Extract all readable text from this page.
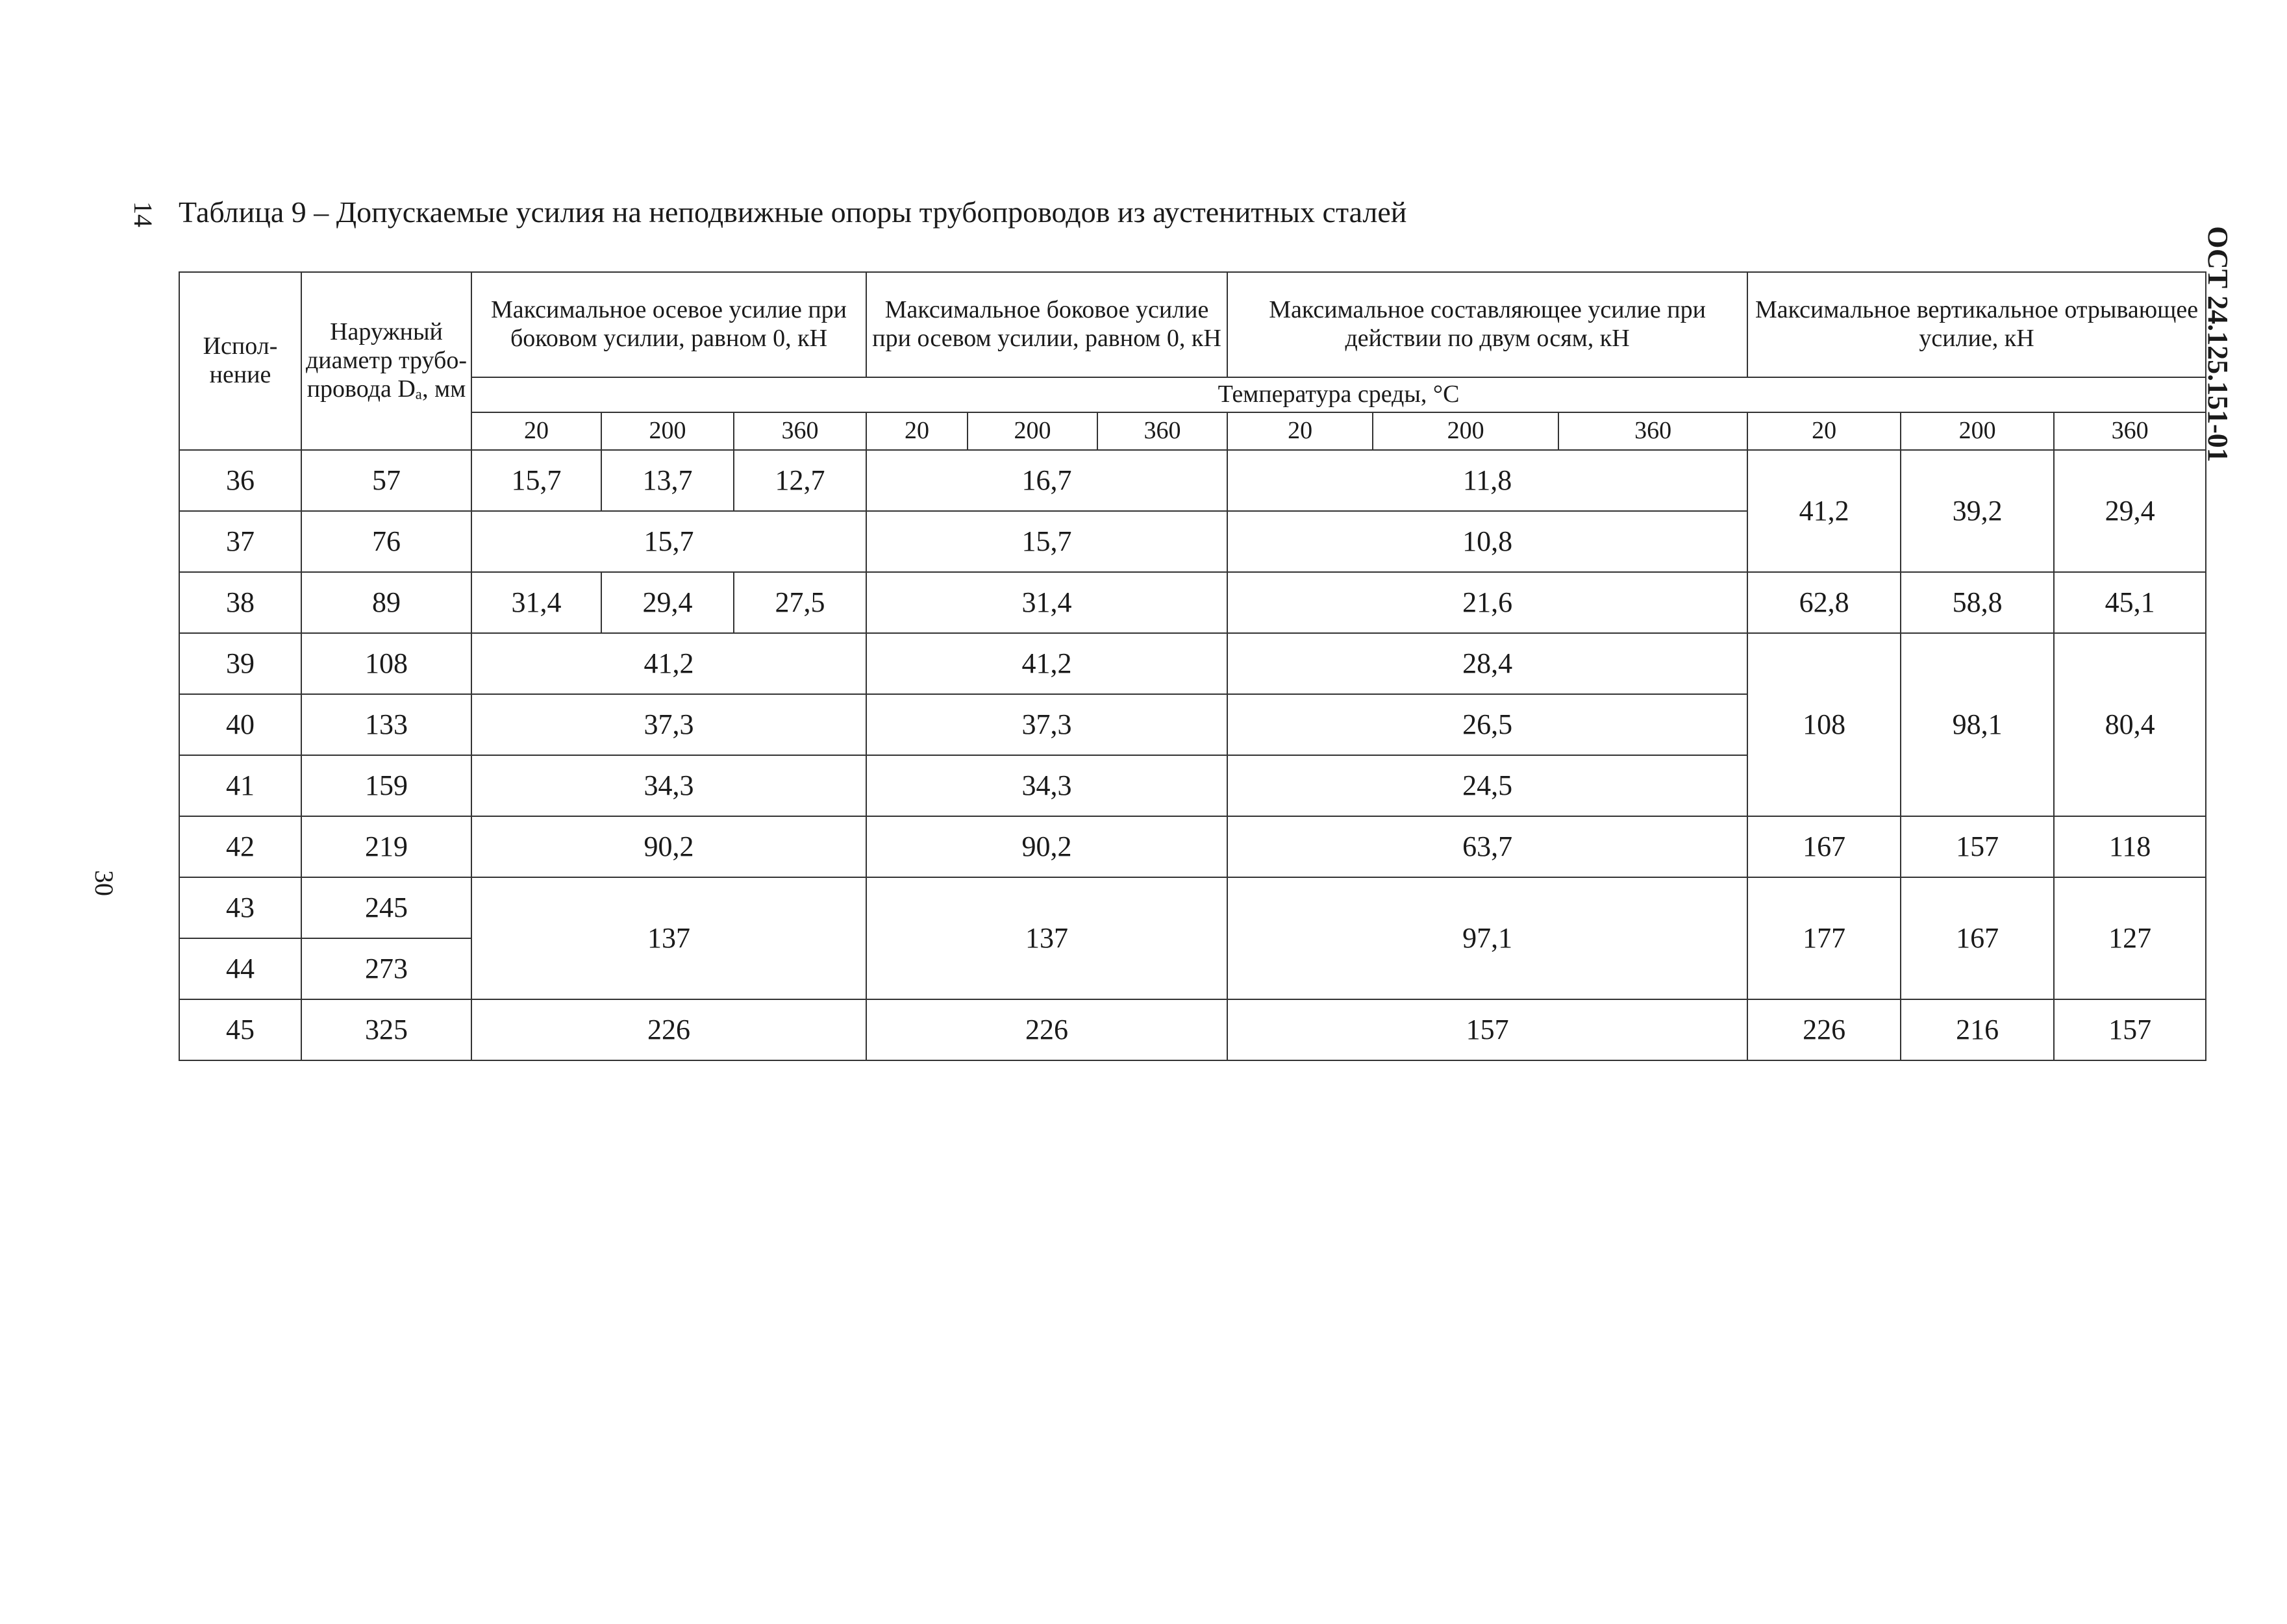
14
30
ОСТ 24.125.151-01
Таблица 9 – Допускаемые усилия на неподвижные опоры трубопроводов из аустенитных сталей
Испол-нение	Наружный диаметр трубо-провода Dₐ, мм	Максимальное осевое усилие при боковом усилии, равном 0, кН			Максимальное боковое усилие при осевом усилии, равном 0, кН			Максимальное составляющее усилие при действии по двум осям, кН			Максимальное вертикальное отрывающее усилие, кН		
		Температура среды, °С											
		20	200	360	20	200	360	20	200	360	20	200	360
36	57	15,7	13,7	12,7	16,7			11,8			41,2	39,2	29,4
37	76	15,7			15,7			10,8					
38	89	31,4	29,4	27,5	31,4			21,6			62,8	58,8	45,1
39	108	41,2			41,2			28,4			108	98,1	80,4
40	133	37,3			37,3			26,5					
41	159	34,3			34,3			24,5					
42	219	90,2			90,2			63,7			167	157	118
43	245	137			137			97,1			177	167	127
44	273												
45	325	226			226			157			226	216	157
